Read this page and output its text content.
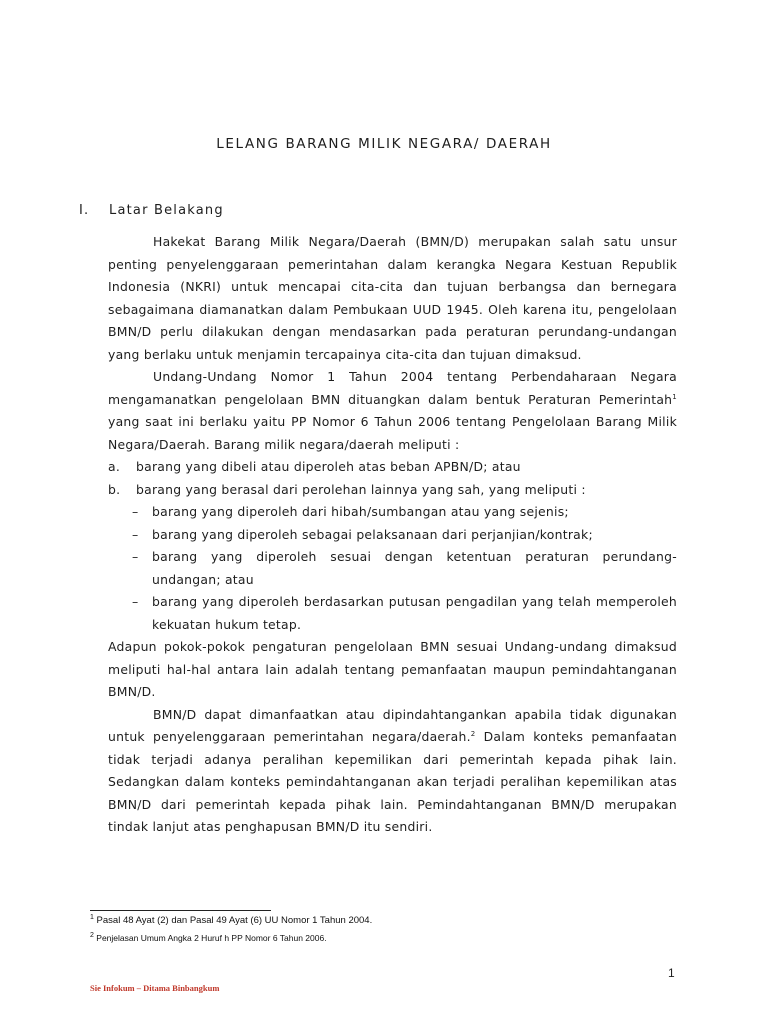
LELANG BARANG MILIK NEGARA/ DAERAH
I. Latar Belakang

Hakekat Barang Milik Negara/Daerah (BMN/D) merupakan salah satu unsur penting penyelenggaraan pemerintahan dalam kerangka Negara Kestuan Republik Indonesia (NKRI) untuk mencapai cita-cita dan tujuan berbangsa dan bernegara sebagaimana diamanatkan dalam Pembukaan UUD 1945. Oleh karena itu, pengelolaan BMN/D perlu dilakukan dengan mendasarkan pada peraturan perundang-undangan yang berlaku untuk menjamin tercapainya cita-cita dan tujuan dimaksud.

Undang-Undang Nomor 1 Tahun 2004 tentang Perbendaharaan Negara mengamanatkan pengelolaan BMN dituangkan dalam bentuk Peraturan Pemerintah$^1$ yang saat ini berlaku yaitu PP Nomor 6 Tahun 2006 tentang Pengelolaan Barang Milik Negara/Daerah. Barang milik negara/daerah meliputi :

a.	barang yang dibeli atau diperoleh atas beban APBN/D; atau
b.	barang yang berasal dari perolehan lainnya yang sah, yang meliputi :
–	barang yang diperoleh dari hibah/sumbangan atau yang sejenis;
–	barang yang diperoleh sebagai pelaksanaan dari perjanjian/kontrak;
–	barang yang diperoleh sesuai dengan ketentuan peraturan perundang-undangan; atau
–	barang yang diperoleh berdasarkan putusan pengadilan yang telah memperoleh kekuatan hukum tetap.

Adapun pokok-pokok pengaturan pengelolaan BMN sesuai Undang-undang dimaksud meliputi hal-hal antara lain adalah tentang pemanfaatan maupun pemindahtanganan BMN/D.

BMN/D dapat dimanfaatkan atau dipindahtangankan apabila tidak digunakan untuk penyelenggaraan pemerintahan negara/daerah.$^2$ Dalam konteks pemanfaatan tidak terjadi adanya peralihan kepemilikan dari pemerintah kepada pihak lain. Sedangkan dalam konteks pemindahtanganan akan terjadi peralihan kepemilikan atas BMN/D dari pemerintah kepada pihak lain. Pemindahtanganan BMN/D merupakan tindak lanjut atas penghapusan BMN/D itu sendiri.

$^1$ Pasal 48 Ayat (2) dan Pasal 49 Ayat (6) UU Nomor 1 Tahun 2004.
$^2$ Penjelasan Umum Angka 2 Huruf h PP Nomor 6 Tahun 2006.
1
Sie Infokum – Ditama Binbangkum
